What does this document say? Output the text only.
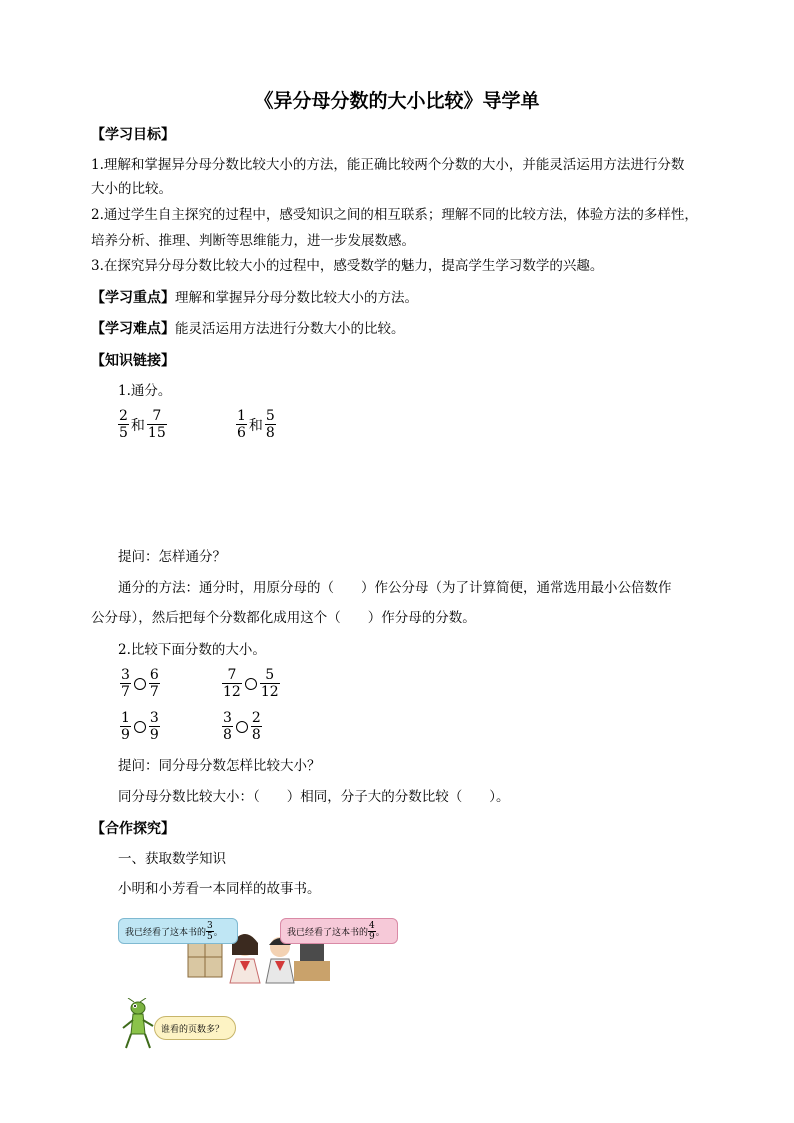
《异分母分数的大小比较》导学单
【学习目标】
1.理解和掌握异分母分数比较大小的方法，能正确比较两个分数的大小，并能灵活运用方法进行分数
大小的比较。
2.通过学生自主探究的过程中，感受知识之间的相互联系；理解不同的比较方法，体验方法的多样性，
培养分析、推理、判断等思维能力，进一步发展数感。
3.在探究异分母分数比较大小的过程中，感受数学的魅力，提高学生学习数学的兴趣。
【学习重点】理解和掌握异分母分数比较大小的方法。
【学习难点】能灵活运用方法进行分数大小的比较。
【知识链接】
1.通分。
$\frac{2}{5}$ 和 $\frac{7}{15}$	$\frac{1}{6}$ 和 $\frac{5}{8}$
提问：怎样通分？
通分的方法：通分时，用原分母的（　　）作公分母（为了计算简便，通常选用最小公倍数作
公分母），然后把每个分数都化成用这个（　　）作分母的分数。
2.比较下面分数的大小。
$\frac{3}{7} \frac{6}{7}$	$\frac{7}{12} \frac{5}{12}$
$\frac{1}{9} \frac{3}{9}$	$\frac{3}{8} \frac{2}{8}$
提问：同分母分数怎样比较大小？
同分母分数比较大小：（　　）相同，分子大的分数比较（　　）。
【合作探究】
一、获取数学知识
小明和小芳看一本同样的故事书。
我已经看了这本书的 $\frac{3}{5}$ 。	我已经看了这本书的 $\frac{4}{9}$ 。
谁看的页数多？
